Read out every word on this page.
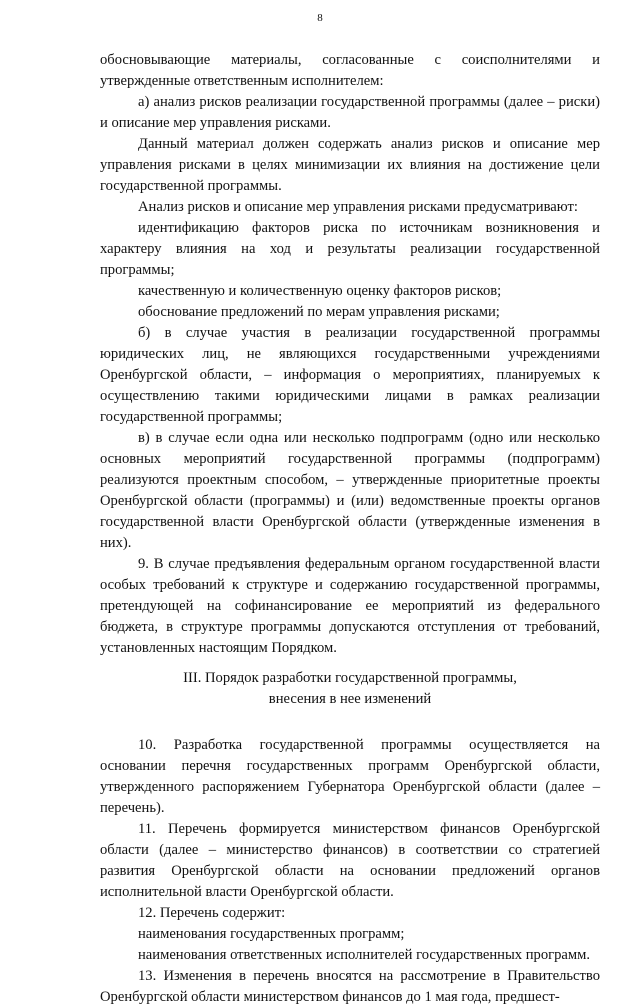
8

обосновывающие материалы, согласованные с соисполнителями и утвержденные ответственным исполнителем:

а) анализ рисков реализации государственной программы (далее – риски) и описание мер управления рисками.

Данный материал должен содержать анализ рисков и описание мер управления рисками в целях минимизации их влияния на достижение цели государственной программы.

Анализ рисков и описание мер управления рисками предусматривают:

идентификацию факторов риска по источникам возникновения и характеру влияния на ход и результаты реализации государственной программы;

качественную и количественную оценку факторов рисков;

обоснование предложений по мерам управления рисками;

б) в случае участия в реализации государственной программы юридических лиц, не являющихся государственными учреждениями Оренбургской области, – информация о мероприятиях, планируемых к осуществлению такими юридическими лицами в рамках реализации государственной программы;

в) в случае если одна или несколько подпрограмм (одно или несколько основных мероприятий государственной программы (подпрограмм) реализуются проектным способом, – утвержденные приоритетные проекты Оренбургской области (программы) и (или) ведомственные проекты органов государственной власти Оренбургской области (утвержденные изменения в них).

9. В случае предъявления федеральным органом государственной власти особых требований к структуре и содержанию государственной программы, претендующей на софинансирование ее мероприятий из федерального бюджета, в структуре программы допускаются отступления от требований, установленных настоящим Порядком.

III. Порядок разработки государственной программы,
внесения в нее изменений

10. Разработка государственной программы осуществляется на основании перечня государственных программ Оренбургской области, утвержденного распоряжением Губернатора Оренбургской области (далее – перечень).

11. Перечень формируется министерством финансов Оренбургской области (далее – министерство финансов) в соответствии со стратегией развития Оренбургской области на основании предложений органов исполнительной власти Оренбургской области.

12. Перечень содержит:

наименования государственных программ;

наименования ответственных исполнителей государственных программ.

13. Изменения в перечень вносятся на рассмотрение в Правительство Оренбургской области министерством финансов до 1 мая года, предшест-
